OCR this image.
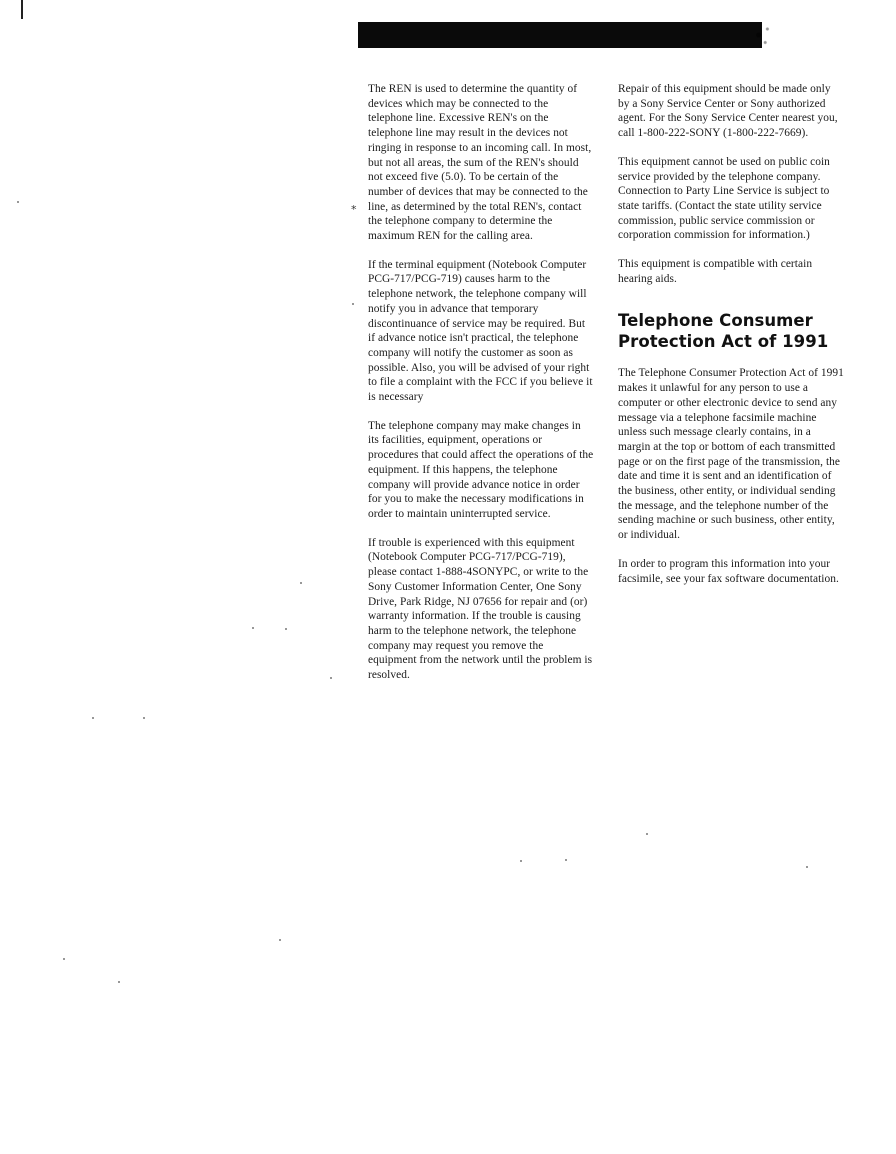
*

The REN is used to determine the quantity of devices which may be connected to the telephone line. Excessive REN's on the telephone line may result in the devices not ringing in response to an incoming call. In most, but not all areas, the sum of the REN's should not exceed five (5.0). To be certain of the number of devices that may be connected to the line, as determined by the total REN's, contact the telephone company to determine the maximum REN for the calling area.

If the terminal equipment (Notebook Computer PCG-717/PCG-719) causes harm to the telephone network, the telephone company will notify you in advance that temporary discontinuance of service may be required. But if advance notice isn't practical, the telephone company will notify the customer as soon as possible. Also, you will be advised of your right to file a complaint with the FCC if you believe it is necessary

The telephone company may make changes in its facilities, equipment, operations or procedures that could affect the operations of the equipment. If this happens, the telephone company will provide advance notice in order for you to make the necessary modifications in order to maintain uninterrupted service.

If trouble is experienced with this equipment (Notebook Computer PCG-717/PCG-719), please contact 1-888-4SONYPC, or write to the Sony Customer Information Center, One Sony Drive, Park Ridge, NJ 07656 for repair and (or) warranty information. If the trouble is causing harm to the telephone network, the telephone company may request you remove the equipment from the network until the problem is resolved.

Repair of this equipment should be made only by a Sony Service Center or Sony authorized agent. For the Sony Service Center nearest you, call 1-800-222-SONY (1-800-222-7669).

This equipment cannot be used on public coin service provided by the telephone company. Connection to Party Line Service is subject to state tariffs. (Contact the state utility service commission, public service commission or corporation commission for information.)

This equipment is compatible with certain hearing aids.

Telephone Consumer Protection Act of 1991

The Telephone Consumer Protection Act of 1991 makes it unlawful for any person to use a computer or other electronic device to send any message via a telephone facsimile machine unless such message clearly contains, in a margin at the top or bottom of each transmitted page or on the first page of the transmission, the date and time it is sent and an identification of the business, other entity, or individual sending the message, and the telephone number of the sending machine or such business, other entity, or individual.

In order to program this information into your facsimile, see your fax software documentation.
